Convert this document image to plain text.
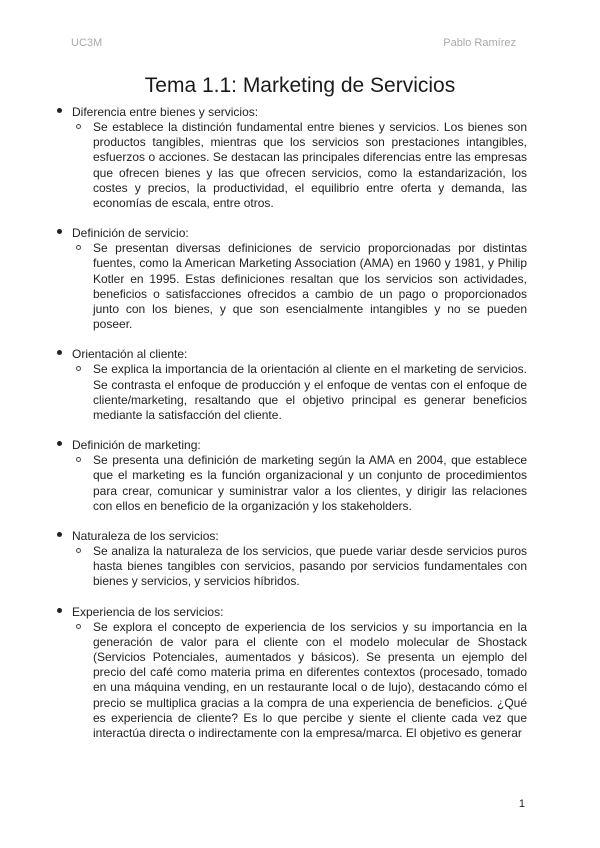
UC3M	Pablo Ramírez
Tema 1.1: Marketing de Servicios
Diferencia entre bienes y servicios:
Se establece la distinción fundamental entre bienes y servicios. Los bienes son productos tangibles, mientras que los servicios son prestaciones intangibles, esfuerzos o acciones. Se destacan las principales diferencias entre las empresas que ofrecen bienes y las que ofrecen servicios, como la estandarización, los costes y precios, la productividad, el equilibrio entre oferta y demanda, las economías de escala, entre otros.
Definición de servicio:
Se presentan diversas definiciones de servicio proporcionadas por distintas fuentes, como la American Marketing Association (AMA) en 1960 y 1981, y Philip Kotler en 1995. Estas definiciones resaltan que los servicios son actividades, beneficios o satisfacciones ofrecidos a cambio de un pago o proporcionados junto con los bienes, y que son esencialmente intangibles y no se pueden poseer.
Orientación al cliente:
Se explica la importancia de la orientación al cliente en el marketing de servicios. Se contrasta el enfoque de producción y el enfoque de ventas con el enfoque de cliente/marketing, resaltando que el objetivo principal es generar beneficios mediante la satisfacción del cliente.
Definición de marketing:
Se presenta una definición de marketing según la AMA en 2004, que establece que el marketing es la función organizacional y un conjunto de procedimientos para crear, comunicar y suministrar valor a los clientes, y dirigir las relaciones con ellos en beneficio de la organización y los stakeholders.
Naturaleza de los servicios:
Se analiza la naturaleza de los servicios, que puede variar desde servicios puros hasta bienes tangibles con servicios, pasando por servicios fundamentales con bienes y servicios, y servicios híbridos.
Experiencia de los servicios:
Se explora el concepto de experiencia de los servicios y su importancia en la generación de valor para el cliente con el modelo molecular de Shostack (Servicios Potenciales, aumentados y básicos). Se presenta un ejemplo del precio del café como materia prima en diferentes contextos (procesado, tomado en una máquina vending, en un restaurante local o de lujo), destacando cómo el precio se multiplica gracias a la compra de una experiencia de beneficios. ¿Qué es experiencia de cliente? Es lo que percibe y siente el cliente cada vez que interactúa directa o indirectamente con la empresa/marca. El objetivo es generar
1
